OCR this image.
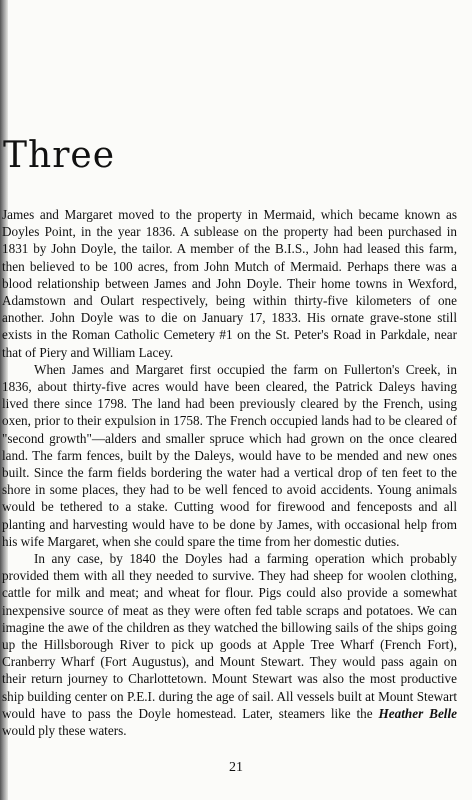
Three

James and Margaret moved to the property in Mermaid, which became known as Doyles Point, in the year 1836. A sublease on the property had been purchased in 1831 by John Doyle, the tailor. A member of the B.I.S., John had leased this farm, then believed to be 100 acres, from John Mutch of Mermaid. Perhaps there was a blood relationship between James and John Doyle. Their home towns in Wexford, Adamstown and Oulart respectively, being within thirty-five kilometers of one another. John Doyle was to die on January 17, 1833. His ornate grave-stone still exists in the Roman Catholic Cemetery #1 on the St. Peter's Road in Parkdale, near that of Piery and William Lacey.

When James and Margaret first occupied the farm on Fullerton's Creek, in 1836, about thirty-five acres would have been cleared, the Patrick Daleys having lived there since 1798. The land had been previously cleared by the French, using oxen, prior to their expulsion in 1758. The French occupied lands had to be cleared of "second growth"—alders and smaller spruce which had grown on the once cleared land. The farm fences, built by the Daleys, would have to be mended and new ones built. Since the farm fields bordering the water had a vertical drop of ten feet to the shore in some places, they had to be well fenced to avoid accidents. Young animals would be tethered to a stake. Cutting wood for firewood and fenceposts and all planting and harvesting would have to be done by James, with occasional help from his wife Margaret, when she could spare the time from her domestic duties.

In any case, by 1840 the Doyles had a farming operation which probably provided them with all they needed to survive. They had sheep for woolen clothing, cattle for milk and meat; and wheat for flour. Pigs could also provide a somewhat inexpensive source of meat as they were often fed table scraps and potatoes. We can imagine the awe of the children as they watched the billowing sails of the ships going up the Hillsborough River to pick up goods at Apple Tree Wharf (French Fort), Cranberry Wharf (Fort Augustus), and Mount Stewart. They would pass again on their return journey to Charlottetown. Mount Stewart was also the most productive ship building center on P.E.I. during the age of sail. All vessels built at Mount Stewart would have to pass the Doyle homestead. Later, steamers like the Heather Belle would ply these waters.

21
